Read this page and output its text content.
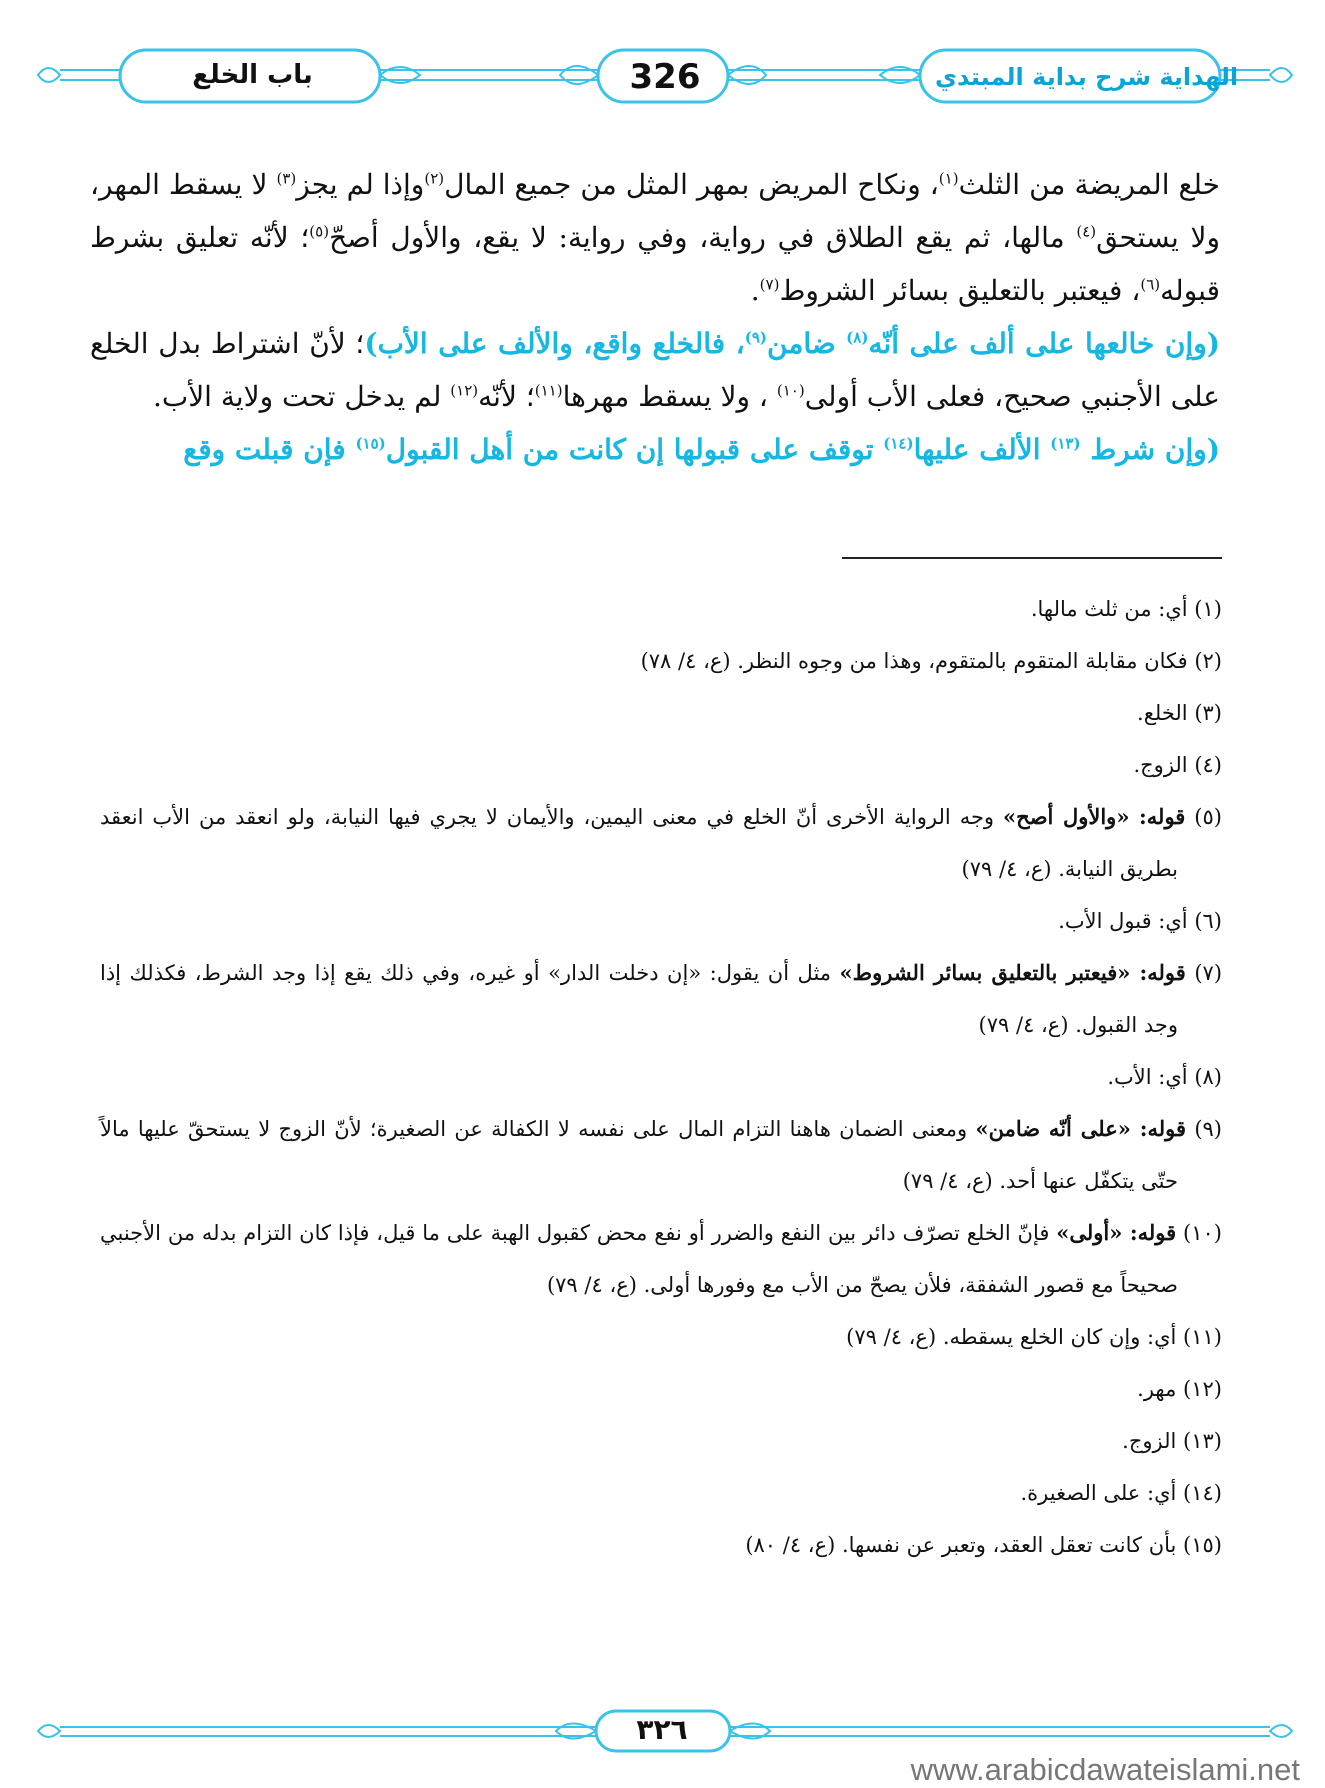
باب الخلع	326	الهداية شرح بداية المبتدي

خلع المريضة من الثلث$^{(١)}$، ونكاح المريض بمهر المثل من جميع المال$^{(٢)}$وإذا لم يجز$^{(٣)}$ لا يسقط المهر، ولا يستحق$^{(٤)}$ مالها، ثم يقع الطلاق في رواية، وفي رواية: لا يقع، والأول أصحّ$^{(٥)}$؛ لأنّه تعليق بشرط قبوله$^{(٦)}$، فيعتبر بالتعليق بسائر الشروط$^{(٧)}$.

(وإن خالعها على ألف على أنّه$^{(٨)}$ ضامن$^{(٩)}$، فالخلع واقع، والألف على الأب)؛ لأنّ اشتراط بدل الخلع على الأجنبي صحيح، فعلى الأب أولى$^{(١٠)}$ ، ولا يسقط مهرها$^{(١١)}$؛ لأنّه$^{(١٢)}$ لم يدخل تحت ولاية الأب.

(وإن شرط $^{(١٣)}$ الألف عليها$^{(١٤)}$ توقف على قبولها إن كانت من أهل القبول$^{(١٥)}$ فإن قبلت وقع

(١) أي: من ثلث مالها.

(٢) فكان مقابلة المتقوم بالمتقوم، وهذا من وجوه النظر. (ع، ٤/ ٧٨)

(٣) الخلع.

(٤) الزوج.

(٥) قوله: «والأول أصح» وجه الرواية الأخرى أنّ الخلع في معنى اليمين، والأيمان لا يجري فيها النيابة، ولو انعقد من الأب انعقد بطريق النيابة. (ع، ٤/ ٧٩)

(٦) أي: قبول الأب.

(٧) قوله: «فيعتبر بالتعليق بسائر الشروط» مثل أن يقول: «إن دخلت الدار» أو غيره، وفي ذلك يقع إذا وجد الشرط، فكذلك إذا وجد القبول. (ع، ٤/ ٧٩)

(٨) أي: الأب.

(٩) قوله: «على أنّه ضامن» ومعنى الضمان هاهنا التزام المال على نفسه لا الكفالة عن الصغيرة؛ لأنّ الزوج لا يستحقّ عليها مالاً حتّى يتكفّل عنها أحد. (ع، ٤/ ٧٩)

(١٠) قوله: «أولى» فإنّ الخلع تصرّف دائر بين النفع والضرر أو نفع محض كقبول الهبة على ما قيل، فإذا كان التزام بدله من الأجنبي صحيحاً مع قصور الشفقة، فلأن يصحّ من الأب مع وفورها أولى. (ع، ٤/ ٧٩)

(١١) أي: وإن كان الخلع يسقطه. (ع، ٤/ ٧٩)

(١٢) مهر.

(١٣) الزوج.

(١٤) أي: على الصغيرة.

(١٥) بأن كانت تعقل العقد، وتعبر عن نفسها. (ع، ٤/ ٨٠)

٣٢٦
www.arabicdawateislami.net
